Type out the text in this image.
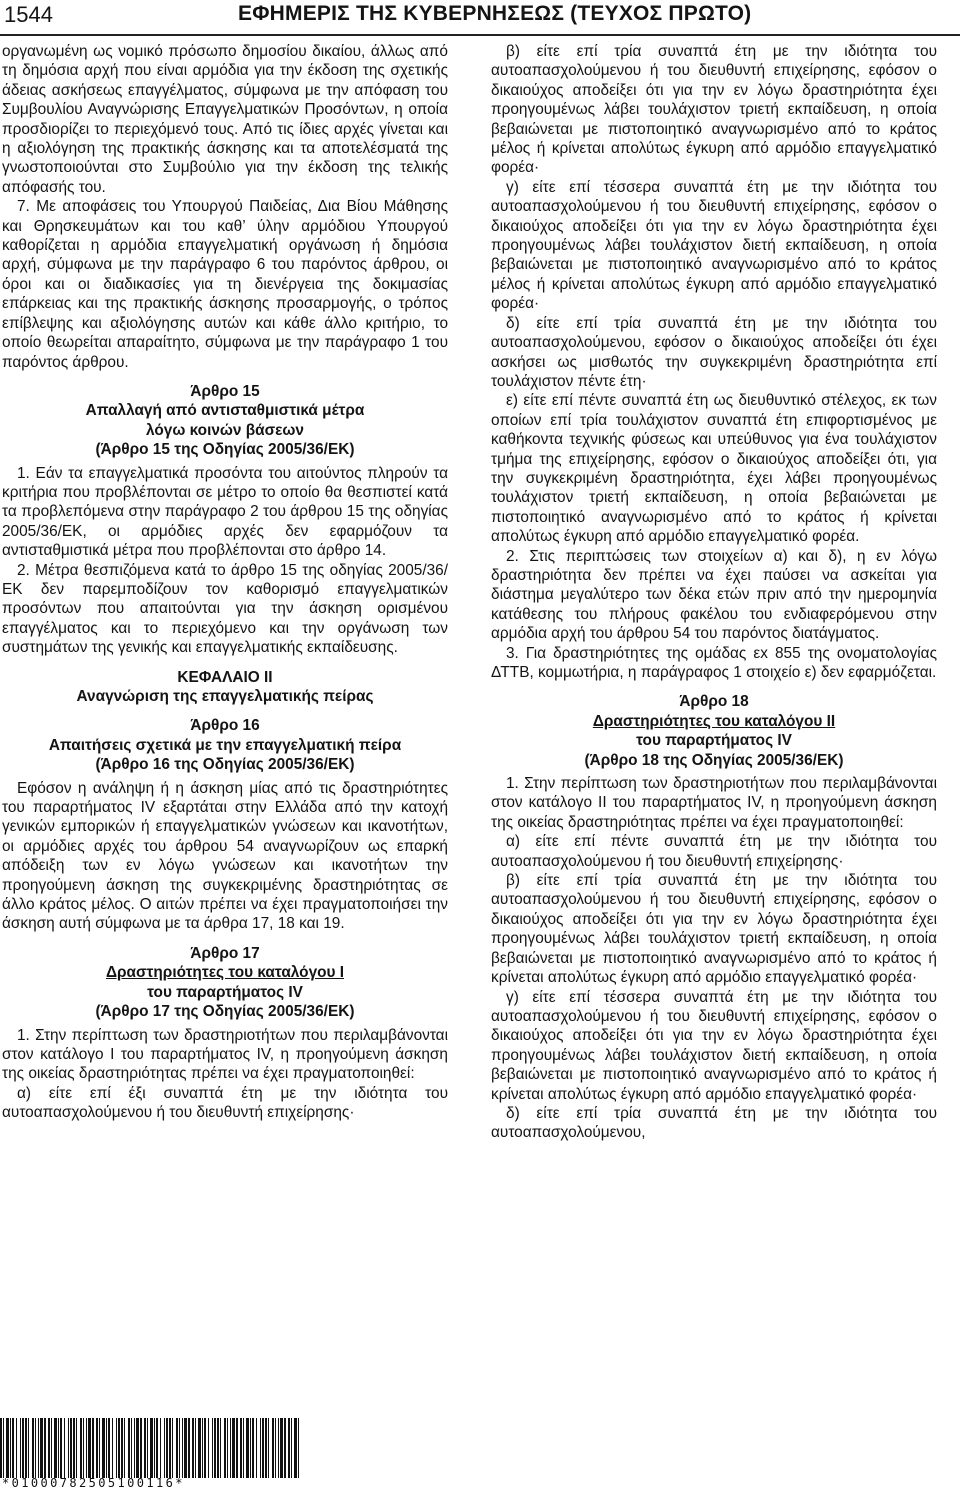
1544	ΕΦΗΜΕΡΙΣ ΤΗΣ ΚΥΒΕΡΝΗΣΕΩΣ (ΤΕΥΧΟΣ ΠΡΩΤΟ)

οργανωμένη ως νομικό πρόσωπο δημοσίου δικαίου, άλλως από τη δημόσια αρχή που είναι αρμόδια για την έκδοση της σχετικής άδειας ασκήσεως επαγγέλματος, σύμφωνα με την απόφαση του Συμβουλίου Αναγνώρισης Επαγγελματικών Προσόντων, η οποία προσδιορίζει το περιεχόμενό τους. Από τις ίδιες αρχές γίνεται και η αξιολόγηση της πρακτικής άσκησης και τα αποτελέσματά της γνωστοποιούνται στο Συμβούλιο για την έκδοση της τελικής απόφασής του.

7. Με αποφάσεις του Υπουργού Παιδείας, Δια Βίου Μάθησης και Θρησκευμάτων και του καθ’ ύλην αρμόδιου Υπουργού καθορίζεται η αρμόδια επαγγελματική οργάνωση ή δημόσια αρχή, σύμφωνα με την παράγραφο 6 του παρόντος άρθρου, οι όροι και οι διαδικασίες για τη διενέργεια της δοκιμασίας επάρκειας και της πρακτικής άσκησης προσαρμογής, ο τρόπος επίβλεψης και αξιολόγησης αυτών και κάθε άλλο κριτήριο, το οποίο θεωρείται απαραίτητο, σύμφωνα με την παράγραφο 1 του παρόντος άρθρου.

Άρθρο 15
Απαλλαγή από αντισταθμιστικά μέτρα
λόγω κοινών βάσεων
(Άρθρο 15 της Οδηγίας 2005/36/ΕΚ)

1. Εάν τα επαγγελματικά προσόντα του αιτούντος πληρούν τα κριτήρια που προβλέπονται σε μέτρο το οποίο θα θεσπιστεί κατά τα προβλεπόμενα στην παράγραφο 2 του άρθρου 15 της οδηγίας 2005/36/ΕΚ, οι αρμόδιες αρχές δεν εφαρμόζουν τα αντισταθμιστικά μέτρα που προβλέπονται στο άρθρο 14.

2. Μέτρα θεσπιζόμενα κατά το άρθρο 15 της οδηγίας 2005/36/ΕΚ δεν παρεμποδίζουν τον καθορισμό επαγγελματικών προσόντων που απαιτούνται για την άσκηση ορισμένου επαγγέλματος και το περιεχόμενο και την οργάνωση των συστημάτων της γενικής και επαγγελματικής εκπαίδευσης.

ΚΕΦΑΛΑΙΟ ΙΙ
Αναγνώριση της επαγγελματικής πείρας
Άρθρο 16
Απαιτήσεις σχετικά με την επαγγελματική πείρα
(Άρθρο 16 της Οδηγίας 2005/36/ΕΚ)

Εφόσον η ανάληψη ή η άσκηση μίας από τις δραστηριότητες του παραρτήματος IV εξαρτάται στην Ελλάδα από την κατοχή γενικών εμπορικών ή επαγγελματικών γνώσεων και ικανοτήτων, οι αρμόδιες αρχές του άρθρου 54 αναγνωρίζουν ως επαρκή απόδειξη των εν λόγω γνώσεων και ικανοτήτων την προηγούμενη άσκηση της συγκεκριμένης δραστηριότητας σε άλλο κράτος μέλος. Ο αιτών πρέπει να έχει πραγματοποιήσει την άσκηση αυτή σύμφωνα με τα άρθρα 17, 18 και 19.

Άρθρο 17
Δραστηριότητες του καταλόγου Ι
του παραρτήματος IV
(Άρθρο 17 της Οδηγίας 2005/36/ΕΚ)

1. Στην περίπτωση των δραστηριοτήτων που περιλαμβάνονται στον κατάλογο Ι του παραρτήματος IV, η προηγούμενη άσκηση της οικείας δραστηριότητας πρέπει να έχει πραγματοποιηθεί:

α) είτε επί έξι συναπτά έτη με την ιδιότητα του αυτοαπασχολούμενου ή του διευθυντή επιχείρησης·

β) είτε επί τρία συναπτά έτη με την ιδιότητα του αυτοαπασχολούμενου ή του διευθυντή επιχείρησης, εφόσον ο δικαιούχος αποδείξει ότι για την εν λόγω δραστηριότητα έχει προηγουμένως λάβει τουλάχιστον τριετή εκπαίδευση, η οποία βεβαιώνεται με πιστοποιητικό αναγνωρισμένο από το κράτος μέλος ή κρίνεται απολύτως έγκυρη από αρμόδιο επαγγελματικό φορέα·

γ) είτε επί τέσσερα συναπτά έτη με την ιδιότητα του αυτοαπασχολούμενου ή του διευθυντή επιχείρησης, εφόσον ο δικαιούχος αποδείξει ότι για την εν λόγω δραστηριότητα έχει προηγουμένως λάβει τουλάχιστον διετή εκπαίδευση, η οποία βεβαιώνεται με πιστοποιητικό αναγνωρισμένο από το κράτος μέλος ή κρίνεται απολύτως έγκυρη από αρμόδιο επαγγελματικό φορέα·

δ) είτε επί τρία συναπτά έτη με την ιδιότητα του αυτοαπασχολούμενου, εφόσον ο δικαιούχος αποδείξει ότι έχει ασκήσει ως μισθωτός την συγκεκριμένη δραστηριότητα επί τουλάχιστον πέντε έτη·

ε) είτε επί πέντε συναπτά έτη ως διευθυντικό στέλεχος, εκ των οποίων επί τρία τουλάχιστον συναπτά έτη επιφορτισμένος με καθήκοντα τεχνικής φύσεως και υπεύθυνος για ένα τουλάχιστον τμήμα της επιχείρησης, εφόσον ο δικαιούχος αποδείξει ότι, για την συγκεκριμένη δραστηριότητα, έχει λάβει προηγουμένως τουλάχιστον τριετή εκπαίδευση, η οποία βεβαιώνεται με πιστοποιητικό αναγνωρισμένο από το κράτος ή κρίνεται απολύτως έγκυρη από αρμόδιο επαγγελματικό φορέα.

2. Στις περιπτώσεις των στοιχείων α) και δ), η εν λόγω δραστηριότητα δεν πρέπει να έχει παύσει να ασκείται για διάστημα μεγαλύτερο των δέκα ετών πριν από την ημερομηνία κατάθεσης του πλήρους φακέλου του ενδιαφερόμενου στην αρμόδια αρχή του άρθρου 54 του παρόντος διατάγματος.

3. Για δραστηριότητες της ομάδας εx 855 της ονοματολογίας ΔΤΤΒ, κομμωτήρια, η παράγραφος 1 στοιχείο ε) δεν εφαρμόζεται.

Άρθρο 18
Δραστηριότητες του καταλόγου ΙΙ
του παραρτήματος IV
(Άρθρο 18 της Οδηγίας 2005/36/ΕΚ)

1. Στην περίπτωση των δραστηριοτήτων που περιλαμβάνονται στον κατάλογο ΙΙ του παραρτήματος IV, η προηγούμενη άσκηση της οικείας δραστηριότητας πρέπει να έχει πραγματοποιηθεί:

α) είτε επί πέντε συναπτά έτη με την ιδιότητα του αυτοαπασχολούμενου ή του διευθυντή επιχείρησης·

β) είτε επί τρία συναπτά έτη με την ιδιότητα του αυτοαπασχολούμενου ή του διευθυντή επιχείρησης, εφόσον ο δικαιούχος αποδείξει ότι για την εν λόγω δραστηριότητα έχει προηγουμένως λάβει τουλάχιστον τριετή εκπαίδευση, η οποία βεβαιώνεται με πιστοποιητικό αναγνωρισμένο από το κράτος ή κρίνεται απολύτως έγκυρη από αρμόδιο επαγγελματικό φορέα·

γ) είτε επί τέσσερα συναπτά έτη με την ιδιότητα του αυτοαπασχολούμενου ή του διευθυντή επιχείρησης, εφόσον ο δικαιούχος αποδείξει ότι για την εν λόγω δραστηριότητα έχει προηγουμένως λάβει τουλάχιστον διετή εκπαίδευση, η οποία βεβαιώνεται με πιστοποιητικό αναγνωρισμένο από το κράτος ή κρίνεται απολύτως έγκυρη από αρμόδιο επαγγελματικό φορέα·

δ) είτε επί τρία συναπτά έτη με την ιδιότητα του αυτοαπασχολούμενου,

*01000782505100116*
